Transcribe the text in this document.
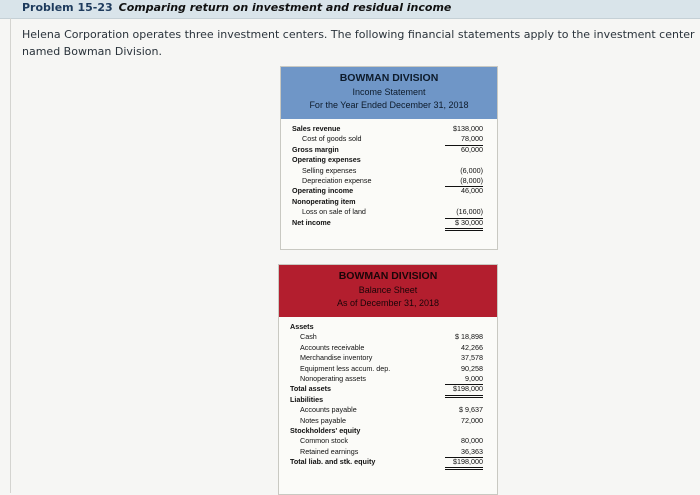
Problem 15-23 Comparing return on investment and residual income
Helena Corporation operates three investment centers. The following financial statements apply to the investment center
named Bowman Division.
BOWMAN DIVISION
Income Statement
For the Year Ended December 31, 2018
Sales revenue	$138,000
Cost of goods sold	78,000
Gross margin	60,000
Operating expenses
Selling expenses	(6,000)
Depreciation expense	(8,000)
Operating income	46,000
Nonoperating item
Loss on sale of land	(16,000)
Net income	$ 30,000
BOWMAN DIVISION
Balance Sheet
As of December 31, 2018
Assets
Cash	$ 18,898
Accounts receivable	42,266
Merchandise inventory	37,578
Equipment less accum. dep.	90,258
Nonoperating assets	9,000
Total assets	$198,000
Liabilities
Accounts payable	$ 9,637
Notes payable	72,000
Stockholders' equity
Common stock	80,000
Retained earnings	36,363
Total liab. and stk. equity	$198,000
